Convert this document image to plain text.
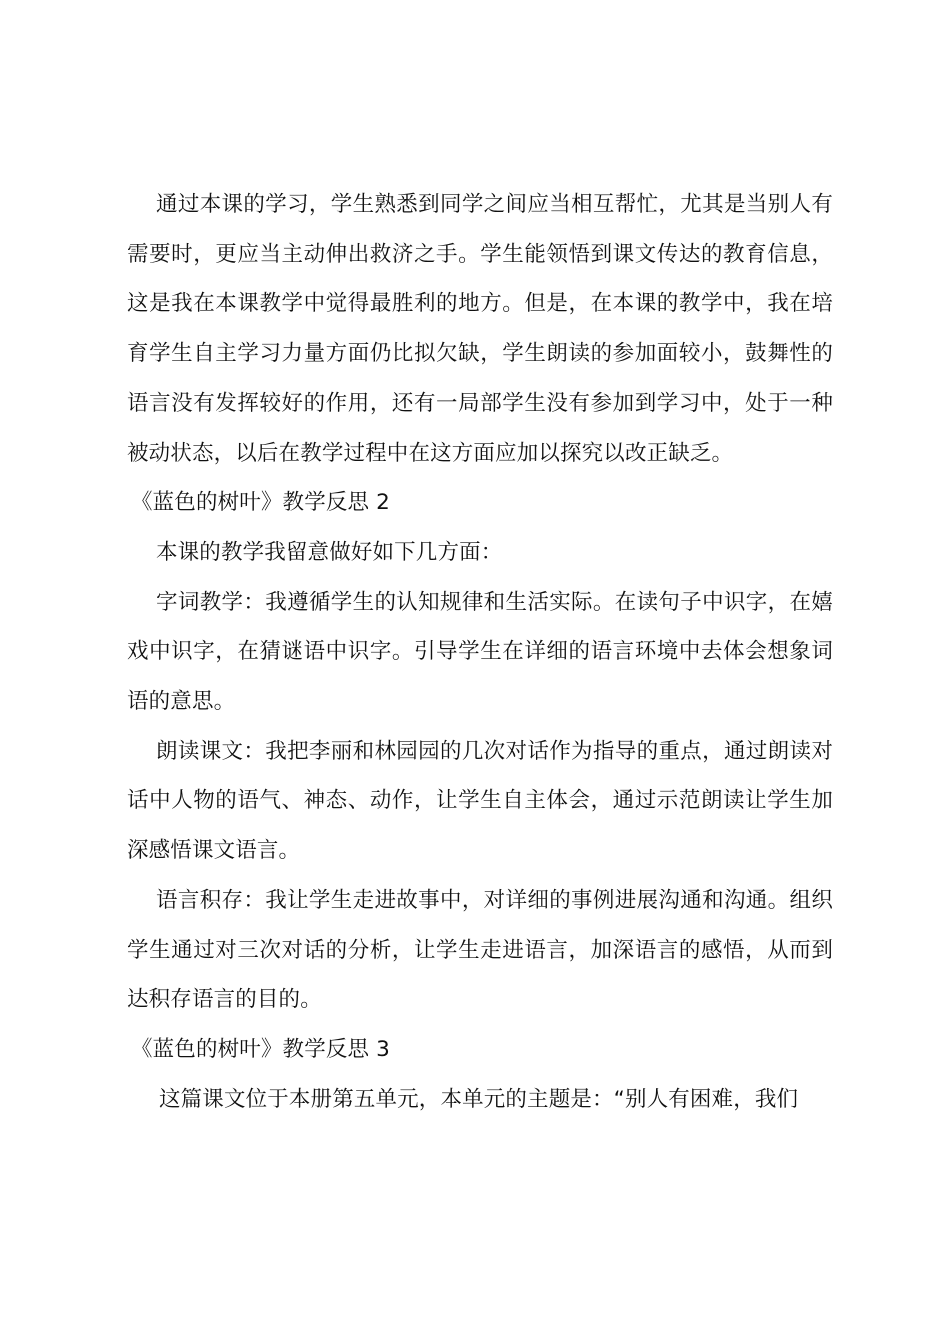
通过本课的学习，学生熟悉到同学之间应当相互帮忙，尤其是当别人有需要时，更应当主动伸出救济之手。学生能领悟到课文传达的教育信息，这是我在本课教学中觉得最胜利的地方。但是，在本课的教学中，我在培育学生自主学习力量方面仍比拟欠缺，学生朗读的参加面较小，鼓舞性的语言没有发挥较好的作用，还有一局部学生没有参加到学习中，处于一种被动状态，以后在教学过程中在这方面应加以探究以改正缺乏。

《蓝色的树叶》教学反思 2

本课的教学我留意做好如下几方面：

字词教学：我遵循学生的认知规律和生活实际。在读句子中识字，在嬉戏中识字，在猜谜语中识字。引导学生在详细的语言环境中去体会想象词语的意思。

朗读课文：我把李丽和林园园的几次对话作为指导的重点，通过朗读对话中人物的语气、神态、动作，让学生自主体会，通过示范朗读让学生加深感悟课文语言。

语言积存：我让学生走进故事中，对详细的事例进展沟通和沟通。组织学生通过对三次对话的分析，让学生走进语言，加深语言的感悟，从而到达积存语言的目的。

《蓝色的树叶》教学反思 3

这篇课文位于本册第五单元，本单元的主题是：“别人有困难，我们
